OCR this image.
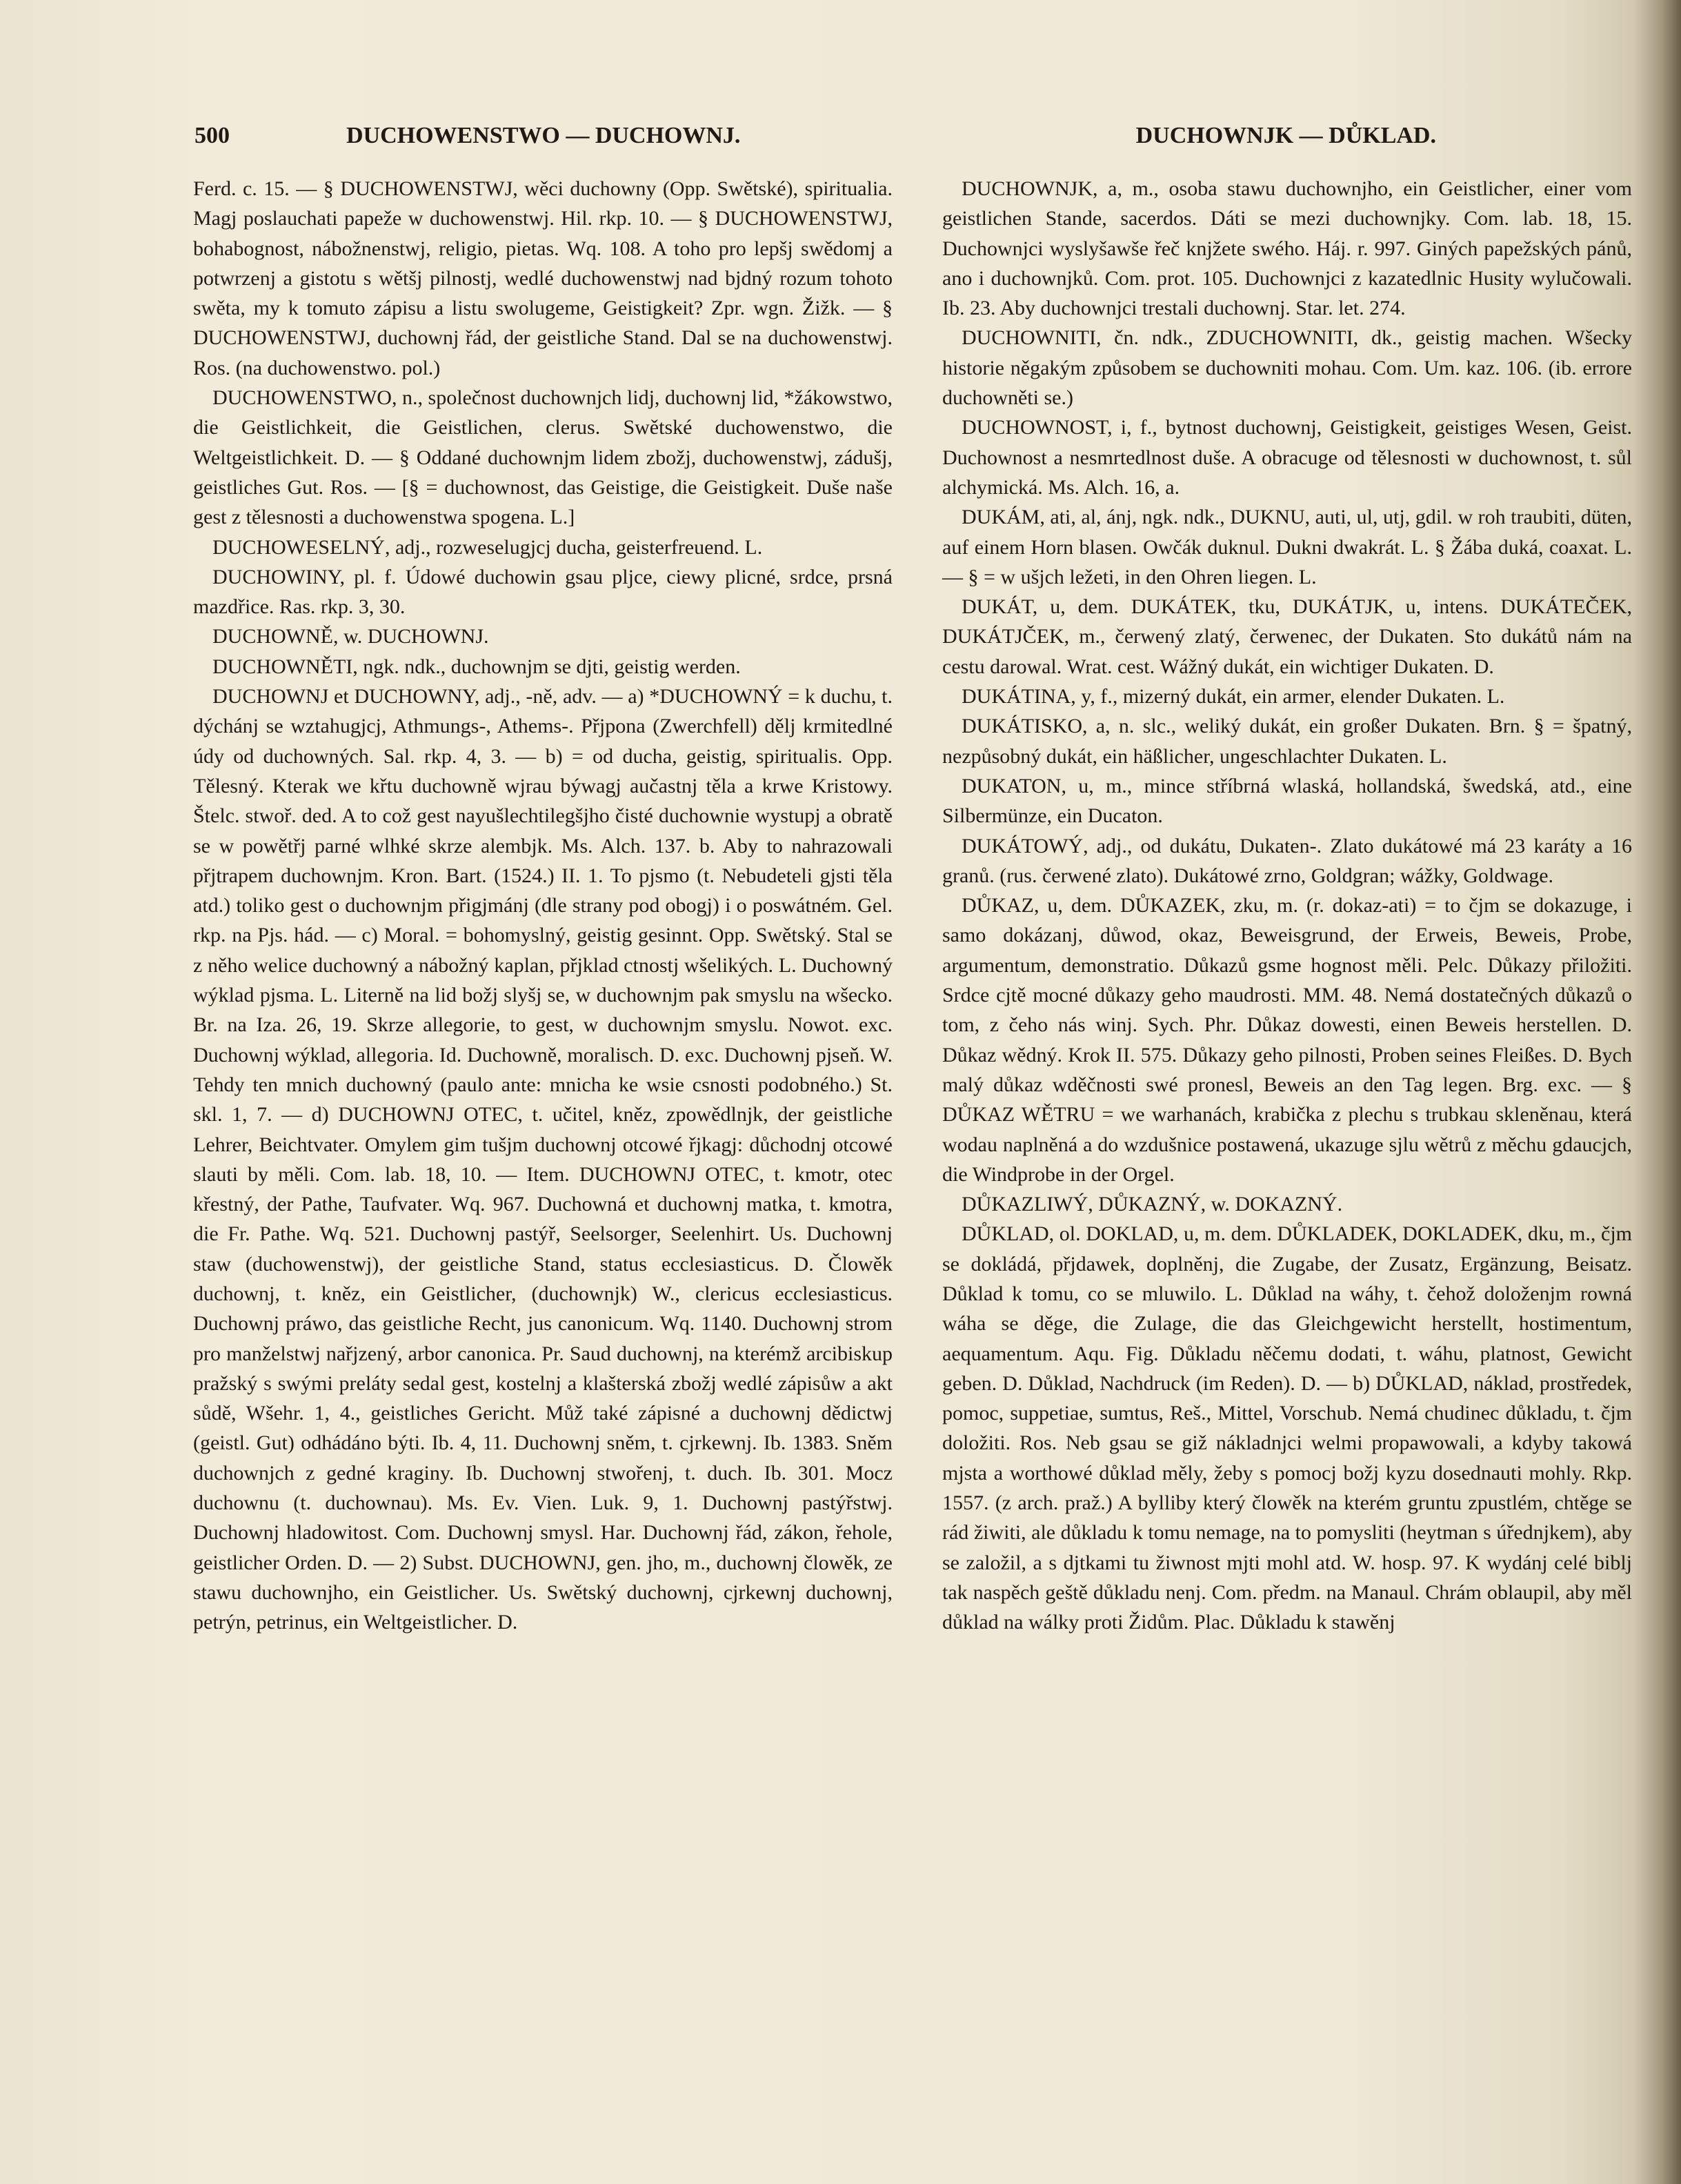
500	DUCHOWENSTWO — DUCHOWNJ.	DUCHOWNJK — DŮKLAD.

Ferd. c. 15. — § DUCHOWENSTWJ, wěci duchowny (Opp. Swětské), spiritualia. Magj poslauchati papeže w duchowenstwj. Hil. rkp. 10. — § DUCHOWENSTWJ, bohabognost, nábožnenstwj, religio, pietas. Wq. 108. A toho pro lepšj swědomj a potwrzenj a gistotu s wětšj pilnostj, wedlé duchowenstwj nad bjdný rozum tohoto swěta, my k tomuto zápisu a listu swolugeme, Geistigkeit? Zpr. wgn. Žižk. — § DUCHOWENSTWJ, duchownj řád, der geistliche Stand. Dal se na duchowenstwj. Ros. (na duchowenstwo. pol.)

DUCHOWENSTWO, n., společnost duchownjch lidj, duchownj lid, *žákowstwo, die Geistlichkeit, die Geistlichen, clerus. Swětské duchowenstwo, die Weltgeistlichkeit. D. — § Oddané duchownjm lidem zbožj, duchowenstwj, zádušj, geistliches Gut. Ros. — [§ = duchownost, das Geistige, die Geistigkeit. Duše naše gest z tělesnosti a duchowenstwa spogena. L.]

DUCHOWESELNÝ, adj., rozweselugjcj ducha, geisterfreuend. L.

DUCHOWINY, pl. f. Údowé duchowin gsau pljce, ciewy plicné, srdce, prsná mazdřice. Ras. rkp. 3, 30.

DUCHOWNĚ, w. DUCHOWNJ.

DUCHOWNĚTI, ngk. ndk., duchownjm se djti, geistig werden.

DUCHOWNJ et DUCHOWNY, adj., -ně, adv. — a) *DUCHOWNÝ = k duchu, t. dýchánj se wztahugjcj, Athmungs-, Athems-. Přjpona (Zwerchfell) dělj krmitedlné údy od duchowných. Sal. rkp. 4, 3. — b) = od ducha, geistig, spiritualis. Opp. Tělesný. Kterak we křtu duchowně wjrau býwagj aučastnj těla a krwe Kristowy. Štelc. stwoř. ded. A to což gest nayušlechtilegšjho čisté duchownie wystupj a obratě se w powětřj parné wlhké skrze alembjk. Ms. Alch. 137. b. Aby to nahrazowali přjtrapem duchownjm. Kron. Bart. (1524.) II. 1. To pjsmo (t. Nebudeteli gjsti těla atd.) toliko gest o duchownjm přigjmánj (dle strany pod obogj) i o poswátném. Gel. rkp. na Pjs. hád. — c) Moral. = bohomyslný, geistig gesinnt. Opp. Swětský. Stal se z něho welice duchowný a nábožný kaplan, přjklad ctnostj wšelikých. L. Duchowný wýklad pjsma. L. Literně na lid božj slyšj se, w duchownjm pak smyslu na wšecko. Br. na Iza. 26, 19. Skrze allegorie, to gest, w duchownjm smyslu. Nowot. exc. Duchownj wýklad, allegoria. Id. Duchowně, moralisch. D. exc. Duchownj pjseň. W. Tehdy ten mnich duchowný (paulo ante: mnicha ke wsie csnosti podobného.) St. skl. 1, 7. — d) DUCHOWNJ OTEC, t. učitel, kněz, zpowědlnjk, der geistliche Lehrer, Beichtvater. Omylem gim tušjm duchownj otcowé řjkagj: důchodnj otcowé slauti by měli. Com. lab. 18, 10. — Item. DUCHOWNJ OTEC, t. kmotr, otec křestný, der Pathe, Taufvater. Wq. 967. Duchowná et duchownj matka, t. kmotra, die Fr. Pathe. Wq. 521. Duchownj pastýř, Seelsorger, Seelenhirt. Us. Duchownj staw (duchowenstwj), der geistliche Stand, status ecclesiasticus. D. Člowěk duchownj, t. kněz, ein Geistlicher, (duchownjk) W., clericus ecclesiasticus. Duchownj práwo, das geistliche Recht, jus canonicum. Wq. 1140. Duchownj strom pro manželstwj nařjzený, arbor canonica. Pr. Saud duchownj, na kterémž arcibiskup pražský s swými preláty sedal gest, kostelnj a klašterská zbožj wedlé zápisůw a akt sůdě, Wšehr. 1, 4., geistliches Gericht. Můž také zápisné a duchownj dědictwj (geistl. Gut) odhádáno býti. Ib. 4, 11. Duchownj sněm, t. cjrkewnj. Ib. 1383. Sněm duchownjch z gedné kraginy. Ib. Duchownj stwořenj, t. duch. Ib. 301. Mocz duchownu (t. duchownau). Ms. Ev. Vien. Luk. 9, 1. Duchownj pastýřstwj. Duchownj hladowitost. Com. Duchownj smysl. Har. Duchownj řád, zákon, řehole, geistlicher Orden. D. — 2) Subst. DUCHOWNJ, gen. jho, m., duchownj člowěk, ze stawu duchownjho, ein Geistlicher. Us. Swětský duchownj, cjrkewnj duchownj, petrýn, petrinus, ein Weltgeistlicher. D.

DUCHOWNJK, a, m., osoba stawu duchownjho, ein Geistlicher, einer vom geistlichen Stande, sacerdos. Dáti se mezi duchownjky. Com. lab. 18, 15. Duchownjci wyslyšawše řeč knjžete swého. Háj. r. 997. Giných papežských pánů, ano i duchownjků. Com. prot. 105. Duchownjci z kazatedlnic Husity wylučowali. Ib. 23. Aby duchownjci trestali duchownj. Star. let. 274.

DUCHOWNITI, čn. ndk., ZDUCHOWNITI, dk., geistig machen. Wšecky historie něgakým způsobem se duchowniti mohau. Com. Um. kaz. 106. (ib. errore duchowněti se.)

DUCHOWNOST, i, f., bytnost duchownj, Geistigkeit, geistiges Wesen, Geist. Duchownost a nesmrtedlnost duše. A obracuge od tělesnosti w duchownost, t. sůl alchymická. Ms. Alch. 16, a.

DUKÁM, ati, al, ánj, ngk. ndk., DUKNU, auti, ul, utj, gdil. w roh traubiti, düten, auf einem Horn blasen. Owčák duknul. Dukni dwakrát. L. § Žába duká, coaxat. L. — § = w ušjch ležeti, in den Ohren liegen. L.

DUKÁT, u, dem. DUKÁTEK, tku, DUKÁTJK, u, intens. DUKÁTEČEK, DUKÁTJČEK, m., čerwený zlatý, čerwenec, der Dukaten. Sto dukátů nám na cestu darowal. Wrat. cest. Wážný dukát, ein wichtiger Dukaten. D.

DUKÁTINA, y, f., mizerný dukát, ein armer, elender Dukaten. L.

DUKÁTISKO, a, n. slc., weliký dukát, ein großer Dukaten. Brn. § = špatný, nezpůsobný dukát, ein häßlicher, ungeschlachter Dukaten. L.

DUKATON, u, m., mince stříbrná wlaská, hollandská, šwedská, atd., eine Silbermünze, ein Ducaton.

DUKÁTOWÝ, adj., od dukátu, Dukaten-. Zlato dukátowé má 23 karáty a 16 granů. (rus. čerwené zlato). Dukátowé zrno, Goldgran; wážky, Goldwage.

DŮKAZ, u, dem. DŮKAZEK, zku, m. (r. dokaz-ati) = to čjm se dokazuge, i samo dokázanj, důwod, okaz, Beweisgrund, der Erweis, Beweis, Probe, argumentum, demonstratio. Důkazů gsme hognost měli. Pelc. Důkazy přiložiti. Srdce cjtě mocné důkazy geho maudrosti. MM. 48. Nemá dostatečných důkazů o tom, z čeho nás winj. Sych. Phr. Důkaz dowesti, einen Beweis herstellen. D. Důkaz wědný. Krok II. 575. Důkazy geho pilnosti, Proben seines Fleißes. D. Bych malý důkaz wděčnosti swé pronesl, Beweis an den Tag legen. Brg. exc. — § DŮKAZ WĚTRU = we warhanách, krabička z plechu s trubkau skleněnau, která wodau naplněná a do wzdušnice postawená, ukazuge sjlu wětrů z měchu gdaucjch, die Windprobe in der Orgel.

DŮKAZLIWÝ, DŮKAZNÝ, w. DOKAZNÝ.

DŮKLAD, ol. DOKLAD, u, m. dem. DŮKLADEK, DOKLADEK, dku, m., čjm se dokládá, přjdawek, doplněnj, die Zugabe, der Zusatz, Ergänzung, Beisatz. Důklad k tomu, co se mluwilo. L. Důklad na wáhy, t. čehož doloženjm rowná wáha se děge, die Zulage, die das Gleichgewicht herstellt, hostimentum, aequamentum. Aqu. Fig. Důkladu něčemu dodati, t. wáhu, platnost, Gewicht geben. D. Důklad, Nachdruck (im Reden). D. — b) DŮKLAD, náklad, prostředek, pomoc, suppetiae, sumtus, Reš., Mittel, Vorschub. Nemá chudinec důkladu, t. čjm doložiti. Ros. Neb gsau se giž nákladnjci welmi propawowali, a kdyby takowá mjsta a worthowé důklad měly, žeby s pomocj božj kyzu dosednauti mohly. Rkp. 1557. (z arch. praž.) A bylliby který člowěk na kterém gruntu zpustlém, chtěge se rád žiwiti, ale důkladu k tomu nemage, na to pomysliti (heytman s úřednjkem), aby se založil, a s djtkami tu žiwnost mjti mohl atd. W. hosp. 97. K wydánj celé biblj tak naspěch geště důkladu nenj. Com. předm. na Manaul. Chrám oblaupil, aby měl důklad na wálky proti Židům. Plac. Důkladu k stawěnj
